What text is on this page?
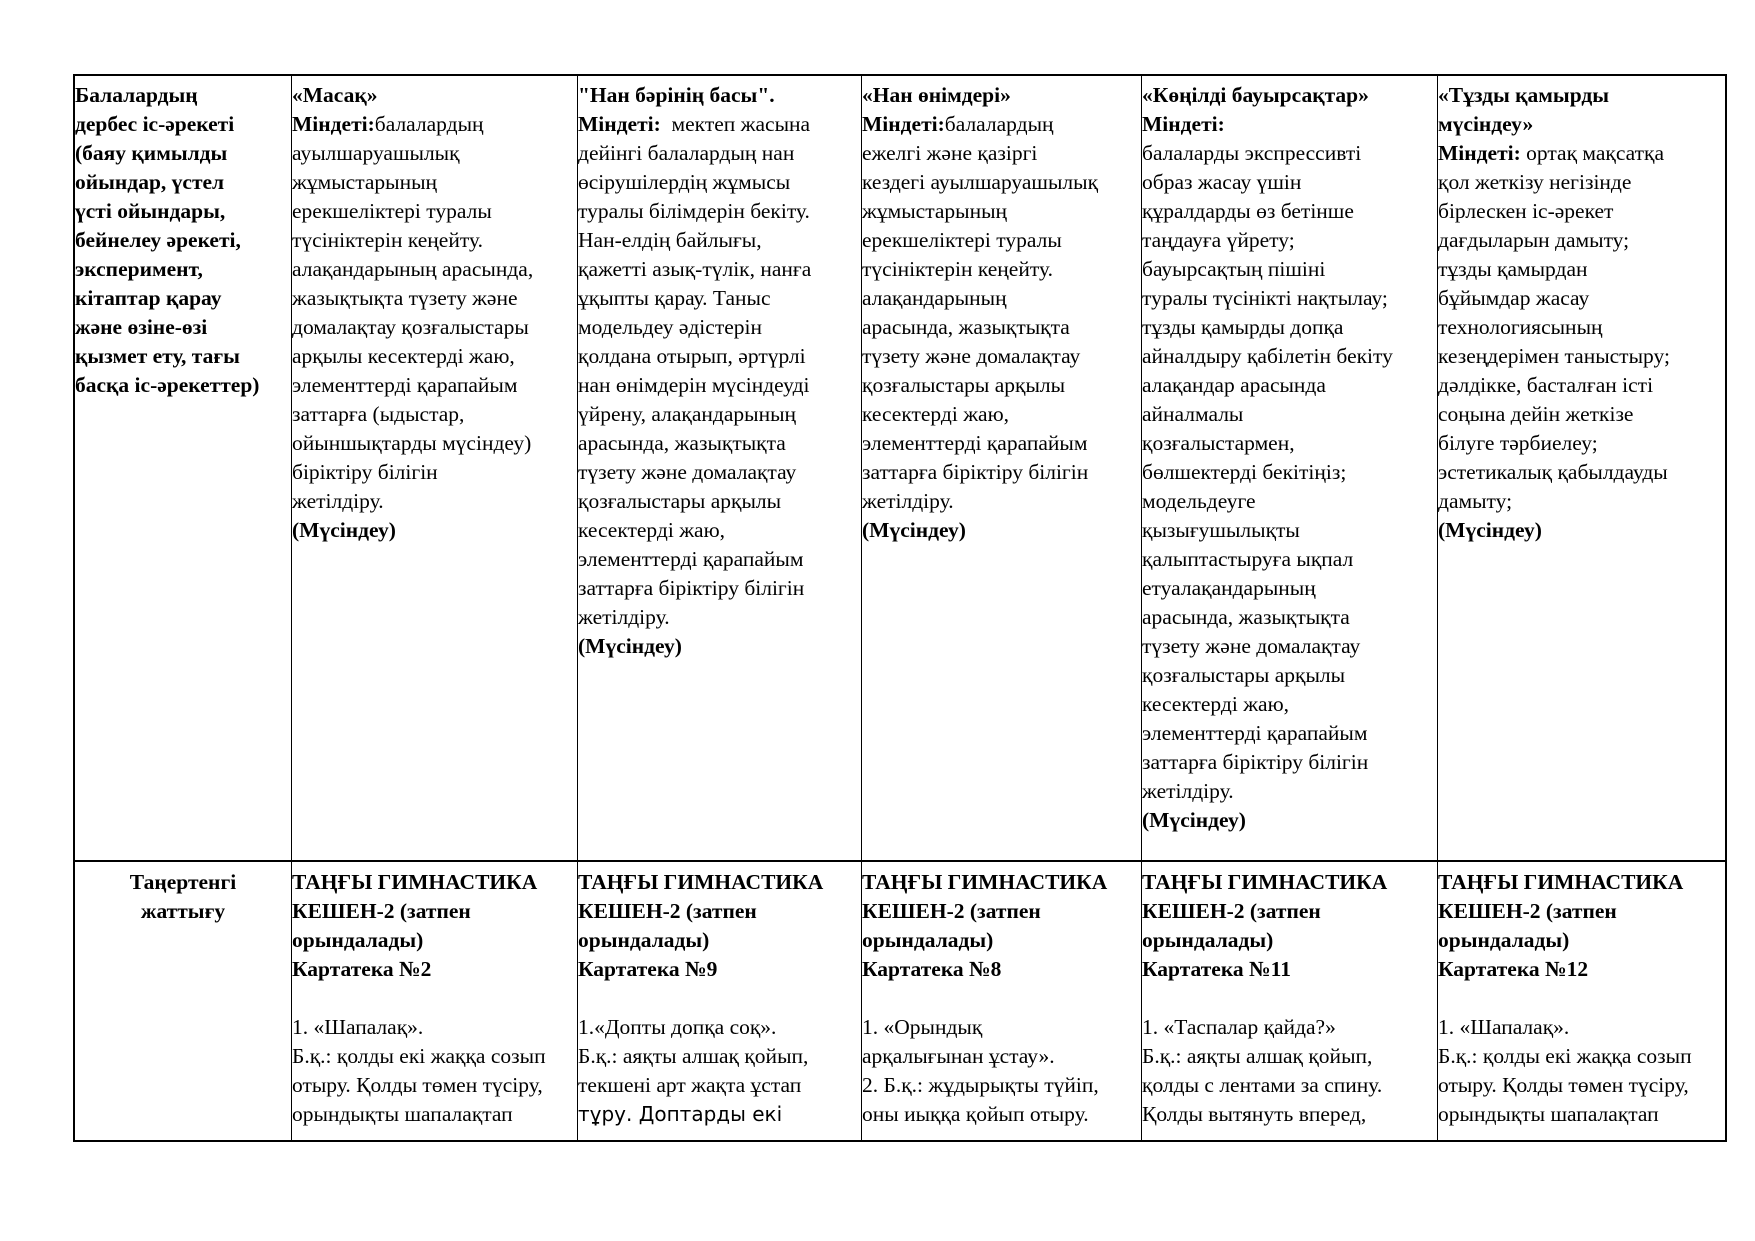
Балалардың
дербес іс-әрекеті
(баяу қимылды
ойындар, үстел
үсті ойындары,
бейнелеу әрекеті,
эксперимент,
кітаптар қарау
және өзіне-өзі
қызмет ету, тағы
басқа іс-әрекеттер)
«Масақ»
Міндеті:балалардың
ауылшаруашылық
жұмыстарының
ерекшеліктері туралы
түсініктерін кеңейту.
алақандарының арасында,
жазықтықта түзету және
домалақтау қозғалыстары
арқылы кесектерді жаю,
элементтерді қарапайым
заттарға (ыдыстар,
ойыншықтарды мүсіндеу)
біріктіру білігін
жетілдіру.
(Мүсіндеу)
"Нан бәрінің басы".
Міндеті:  мектеп жасына
дейінгі балалардың нан
өсірушілердің жұмысы
туралы білімдерін бекіту.
Нан-елдің байлығы,
қажетті азық-түлік, нанға
ұқыпты қарау. Таныс
модельдеу әдістерін
қолдана отырып, әртүрлі
нан өнімдерін мүсіндеуді
үйрену, алақандарының
арасында, жазықтықта
түзету және домалақтау
қозғалыстары арқылы
кесектерді жаю,
элементтерді қарапайым
заттарға біріктіру білігін
жетілдіру.
(Мүсіндеу)
«Нан өнімдері»
Міндеті:балалардың
ежелгі және қазіргі
кездегі ауылшаруашылық
жұмыстарының
ерекшеліктері туралы
түсініктерін кеңейту.
алақандарының
арасында, жазықтықта
түзету және домалақтау
қозғалыстары арқылы
кесектерді жаю,
элементтерді қарапайым
заттарға біріктіру білігін
жетілдіру.
(Мүсіндеу)
«Көңілді бауырсақтар»
Міндеті:
балаларды экспрессивті
образ жасау үшін
құралдарды өз бетінше
таңдауға үйрету;
бауырсақтың пішіні
туралы түсінікті нақтылау;
тұзды қамырды допқа
айналдыру қабілетін бекіту
алақандар арасында
айналмалы
қозғалыстармен,
бөлшектерді бекітіңіз;
модельдеуге
қызығушылықты
қалыптастыруға ықпал
етуалақандарының
арасында, жазықтықта
түзету және домалақтау
қозғалыстары арқылы
кесектерді жаю,
элементтерді қарапайым
заттарға біріктіру білігін
жетілдіру.
(Мүсіндеу)
«Тұзды қамырды
мүсіндеу»
Міндеті: ортақ мақсатқа
қол жеткізу негізінде
бірлескен іс-әрекет
дағдыларын дамыту;
тұзды қамырдан
бұйымдар жасау
технологиясының
кезеңдерімен таныстыру;
дәлдікке, басталған істі
соңына дейін жеткізе
білуге тәрбиелеу;
эстетикалық қабылдауды
дамыту;
(Мүсіндеу)
Таңертенгі
жаттығу
ТАҢҒЫ ГИМНАСТИКА
КЕШЕН-2 (затпен
орындалады)
Картатека №2
1. «Шапалақ».
Б.қ.: қолды екі жаққа созып
отыру. Қолды төмен түсіру,
орындықты шапалақтап
ТАҢҒЫ ГИМНАСТИКА
КЕШЕН-2 (затпен
орындалады)
Картатека №9
1.«Допты допқа соқ».
Б.қ.: аяқты алшақ қойып,
текшені арт жақта ұстап
тұру. Доптарды екі
ТАҢҒЫ ГИМНАСТИКА
КЕШЕН-2 (затпен
орындалады)
Картатека №8
1. «Орындық
арқалығынан ұстау».
2. Б.қ.: жұдырықты түйіп,
оны иыққа қойып отыру.
ТАҢҒЫ ГИМНАСТИКА
КЕШЕН-2 (затпен
орындалады)
Картатека №11
1. «Таспалар қайда?»
Б.қ.: аяқты алшақ қойып,
қолды с лентами за спину.
Қолды вытянуть вперед,
ТАҢҒЫ ГИМНАСТИКА
КЕШЕН-2 (затпен
орындалады)
Картатека №12
1. «Шапалақ».
Б.қ.: қолды екі жаққа созып
отыру. Қолды төмен түсіру,
орындықты шапалақтап
